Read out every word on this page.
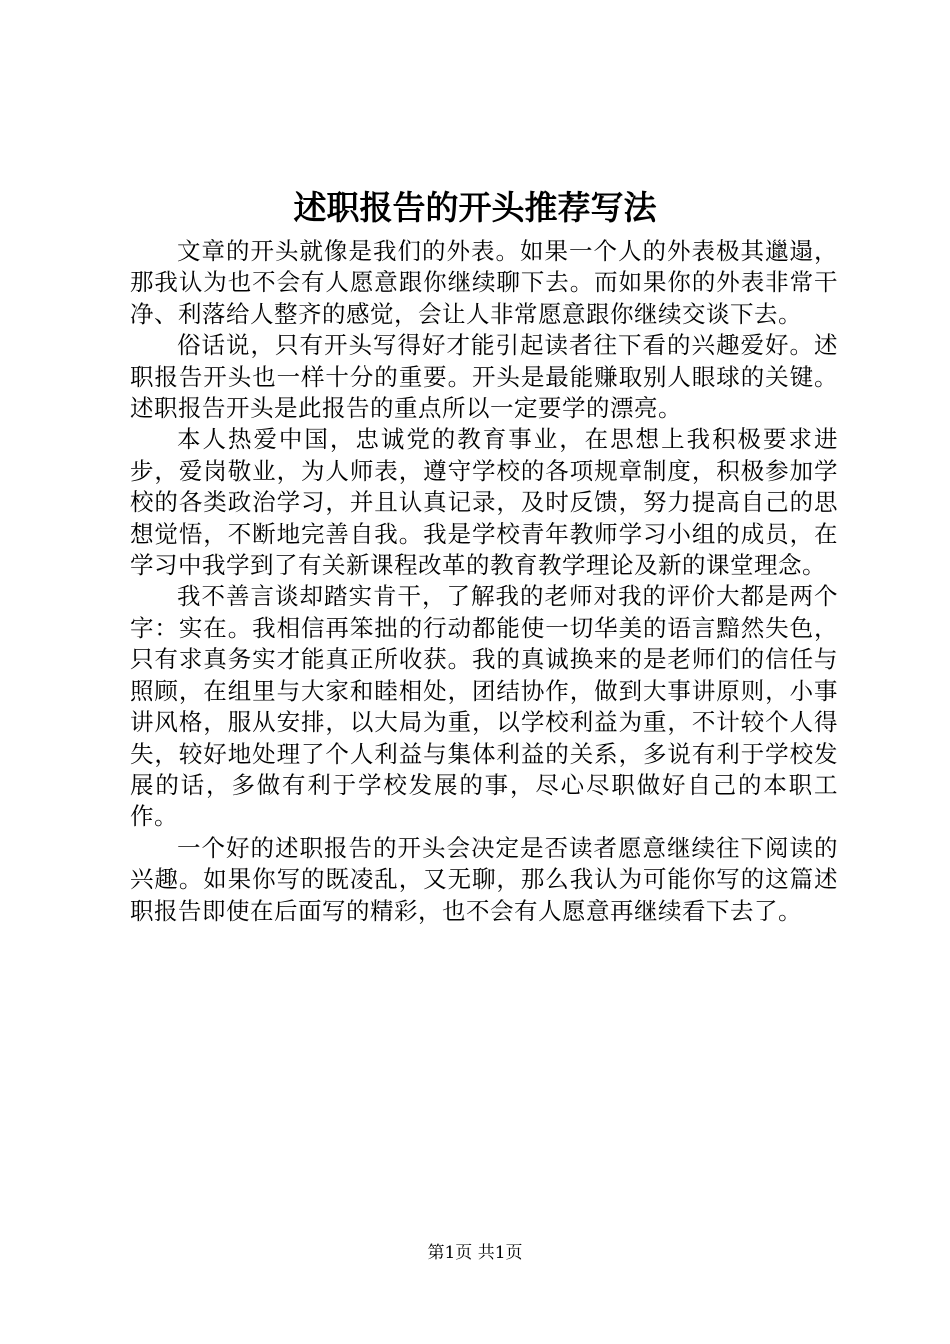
述职报告的开头推荐写法

文章的开头就像是我们的外表。如果一个人的外表极其邋遢，那我认为也不会有人愿意跟你继续聊下去。而如果你的外表非常干净、利落给人整齐的感觉，会让人非常愿意跟你继续交谈下去。

俗话说，只有开头写得好才能引起读者往下看的兴趣爱好。述职报告开头也一样十分的重要。开头是最能赚取别人眼球的关键。述职报告开头是此报告的重点所以一定要学的漂亮。

本人热爱中国，忠诚党的教育事业，在思想上我积极要求进步，爱岗敬业，为人师表，遵守学校的各项规章制度，积极参加学校的各类政治学习，并且认真记录，及时反馈，努力提高自己的思想觉悟，不断地完善自我。我是学校青年教师学习小组的成员，在学习中我学到了有关新课程改革的教育教学理论及新的课堂理念。

我不善言谈却踏实肯干，了解我的老师对我的评价大都是两个字：实在。我相信再笨拙的行动都能使一切华美的语言黯然失色，只有求真务实才能真正所收获。我的真诚换来的是老师们的信任与照顾，在组里与大家和睦相处，团结协作，做到大事讲原则，小事讲风格，服从安排，以大局为重，以学校利益为重，不计较个人得失，较好地处理了个人利益与集体利益的关系，多说有利于学校发展的话，多做有利于学校发展的事，尽心尽职做好自己的本职工作。

一个好的述职报告的开头会决定是否读者愿意继续往下阅读的兴趣。如果你写的既凌乱，又无聊，那么我认为可能你写的这篇述职报告即使在后面写的精彩，也不会有人愿意再继续看下去了。

第1页 共1页
